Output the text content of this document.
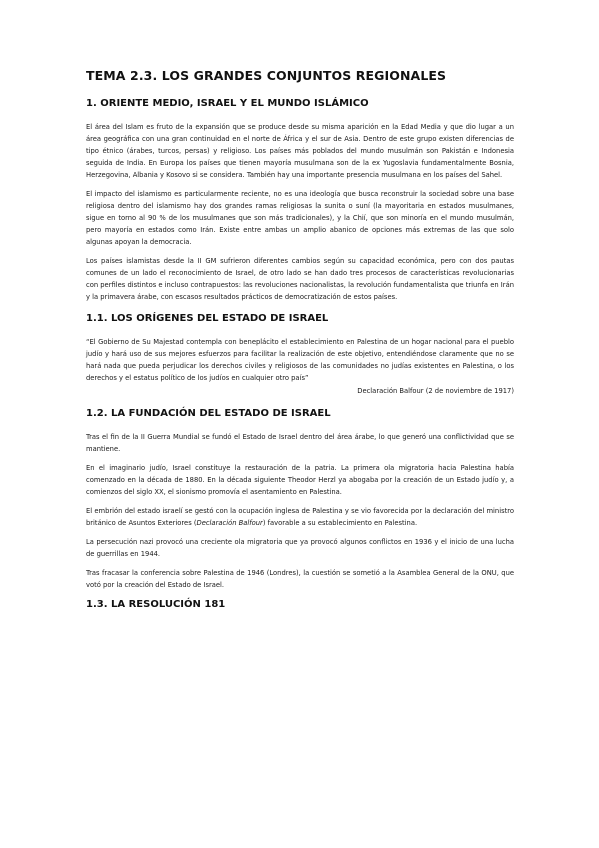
TEMA 2.3. LOS GRANDES CONJUNTOS REGIONALES
1. ORIENTE MEDIO, ISRAEL Y EL MUNDO ISLÁMICO

El área del Islam es fruto de la expansión que se produce desde su misma aparición en la Edad Media y que dio lugar a un área geográfica con una gran continuidad en el norte de África y el sur de Asia. Dentro de este grupo existen diferencias de tipo étnico (árabes, turcos, persas) y religioso. Los países más poblados del mundo musulmán son Pakistán e Indonesia seguida de India. En Europa los países que tienen mayoría musulmana son de la ex Yugoslavia fundamentalmente Bosnia, Herzegovina, Albania y Kosovo si se considera. También hay una importante presencia musulmana en los países del Sahel.

El impacto del islamismo es particularmente reciente, no es una ideología que busca reconstruir la sociedad sobre una base religiosa dentro del islamismo hay dos grandes ramas religiosas la sunita o suní (la mayoritaria en estados musulmanes, sigue en torno al 90 % de los musulmanes que son más tradicionales), y la Chií, que son minoría en el mundo musulmán, pero mayoría en estados como Irán. Existe entre ambas un amplio abanico de opciones más extremas de las que solo algunas apoyan la democracia.

Los países islamistas desde la II GM sufrieron diferentes cambios según su capacidad económica, pero con dos pautas comunes de un lado el reconocimiento de Israel, de otro lado se han dado tres procesos de características revolucionarias con perfiles distintos e incluso contrapuestos: las revoluciones nacionalistas, la revolución fundamentalista que triunfa en Irán y la primavera árabe, con escasos resultados prácticos de democratización de estos países.

1.1. LOS ORÍGENES DEL ESTADO DE ISRAEL

“El Gobierno de Su Majestad contempla con beneplácito el establecimiento en Palestina de un hogar nacional para el pueblo judío y hará uso de sus mejores esfuerzos para facilitar la realización de este objetivo, entendiéndose claramente que no se hará nada que pueda perjudicar los derechos civiles y religiosos de las comunidades no judías existentes en Palestina, o los derechos y el estatus político de los judíos en cualquier otro país”

Declaración Balfour (2 de noviembre de 1917)

1.2. LA FUNDACIÓN DEL ESTADO DE ISRAEL

Tras el fin de la II Guerra Mundial se fundó el Estado de Israel dentro del área árabe, lo que generó una conflictividad que se mantiene.

En el imaginario judío, Israel constituye la restauración de la patria. La primera ola migratoria hacia Palestina había comenzado en la década de 1880. En la década siguiente Theodor Herzl ya abogaba por la creación de un Estado judío y, a comienzos del siglo XX, el sionismo promovía el asentamiento en Palestina.

El embrión del estado israelí se gestó con la ocupación inglesa de Palestina y se vio favorecida por la declaración del ministro británico de Asuntos Exteriores (Declaración Balfour) favorable a su establecimiento en Palestina.

La persecución nazi provocó una creciente ola migratoria que ya provocó algunos conflictos en 1936 y el inicio de una lucha de guerrillas en 1944.

Tras fracasar la conferencia sobre Palestina de 1946 (Londres), la cuestión se sometió a la Asamblea General de la ONU, que votó por la creación del Estado de Israel.

1.3. LA RESOLUCIÓN 181
